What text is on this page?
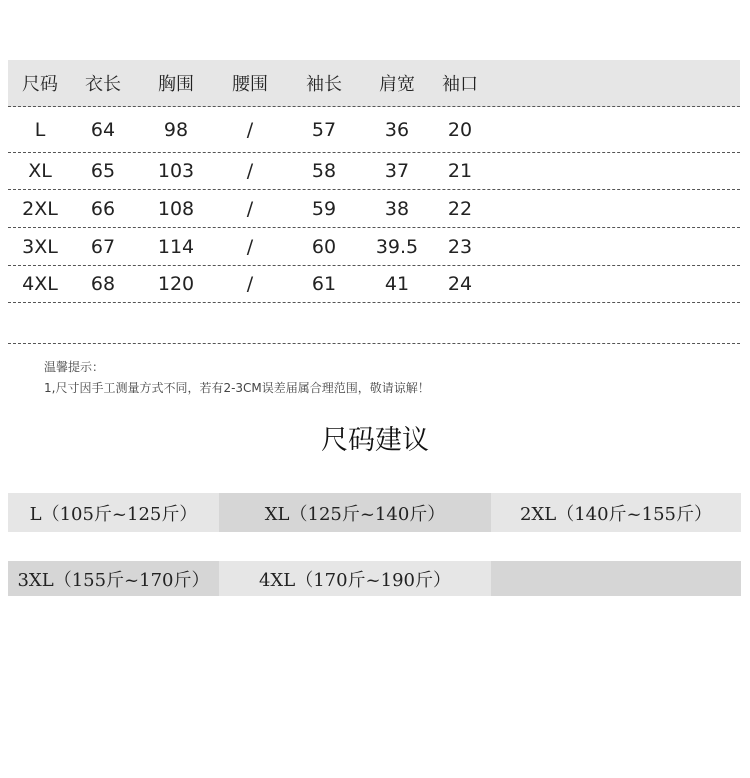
尺码	衣长	胸围	腰围	袖长	肩宽	袖口
L	64	98	/	57	36	20
XL	65	103	/	58	37	21
2XL	66	108	/	59	38	22
3XL	67	114	/	60	39.5	23
4XL	68	120	/	61	41	24
温馨提示：
1,尺寸因手工测量方式不同，若有2-3CM误差届属合理范围，敬请谅解！
尺码建议
L（105斤~125斤）	XL（125斤~140斤）	2XL（140斤~155斤）
3XL（155斤~170斤）	4XL（170斤~190斤）
